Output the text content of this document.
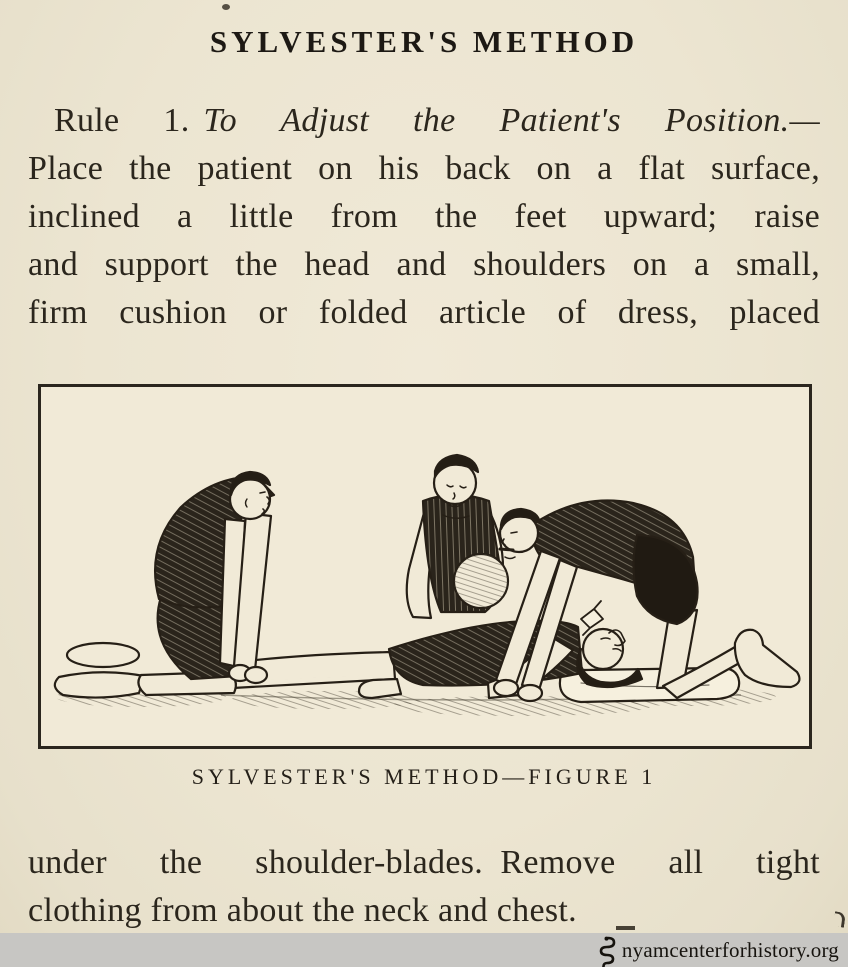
SYLVESTER'S METHOD
Rule 1. To Adjust the Patient's Position.—
Place the patient on his back on a flat surface,
inclined a little from the feet upward; raise
and support the head and shoulders on a small,
firm cushion or folded article of dress, placed
SYLVESTER'S METHOD—FIGURE 1
under the shoulder-blades. Remove all tight
clothing from about the neck and chest.
nyamcenterforhistory.org
